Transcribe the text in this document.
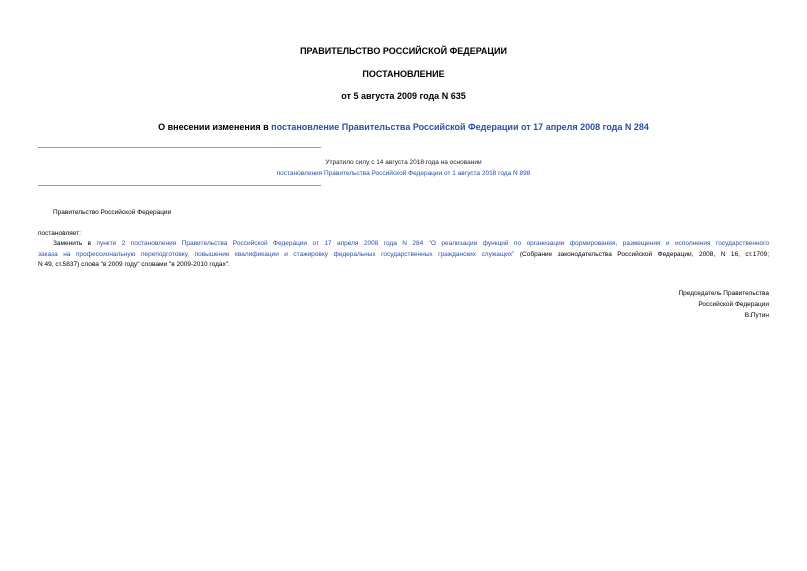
ПРАВИТЕЛЬСТВО РОССИЙСКОЙ ФЕДЕРАЦИИ
ПОСТАНОВЛЕНИЕ
от 5 августа 2009 года N 635
О внесении изменения в постановление Правительства Российской Федерации от 17 апреля 2008 года N 284
Утратило силу с 14 августа 2018 года на основании
постановления Правительства Российской Федерации от 1 августа 2018 года N 898
Правительство Российской Федерации
постановляет:
Заменить в пункте 2 постановления Правительства Российской Федерации от 17 апреля 2008 года N 284 "О реализации функций по организации формирования, размещения и исполнения государственного
заказа на профессиональную переподготовку, повышение квалификации и стажировку федеральных государственных гражданских служащих" (Собрание законодательства Российской Федерации, 2008, N 16, ст.1709;
N 49, ст.5837) слова "в 2009 году" словами "в 2009-2010 годах".
Председатель Правительства
Российской Федерации
В.Путин
